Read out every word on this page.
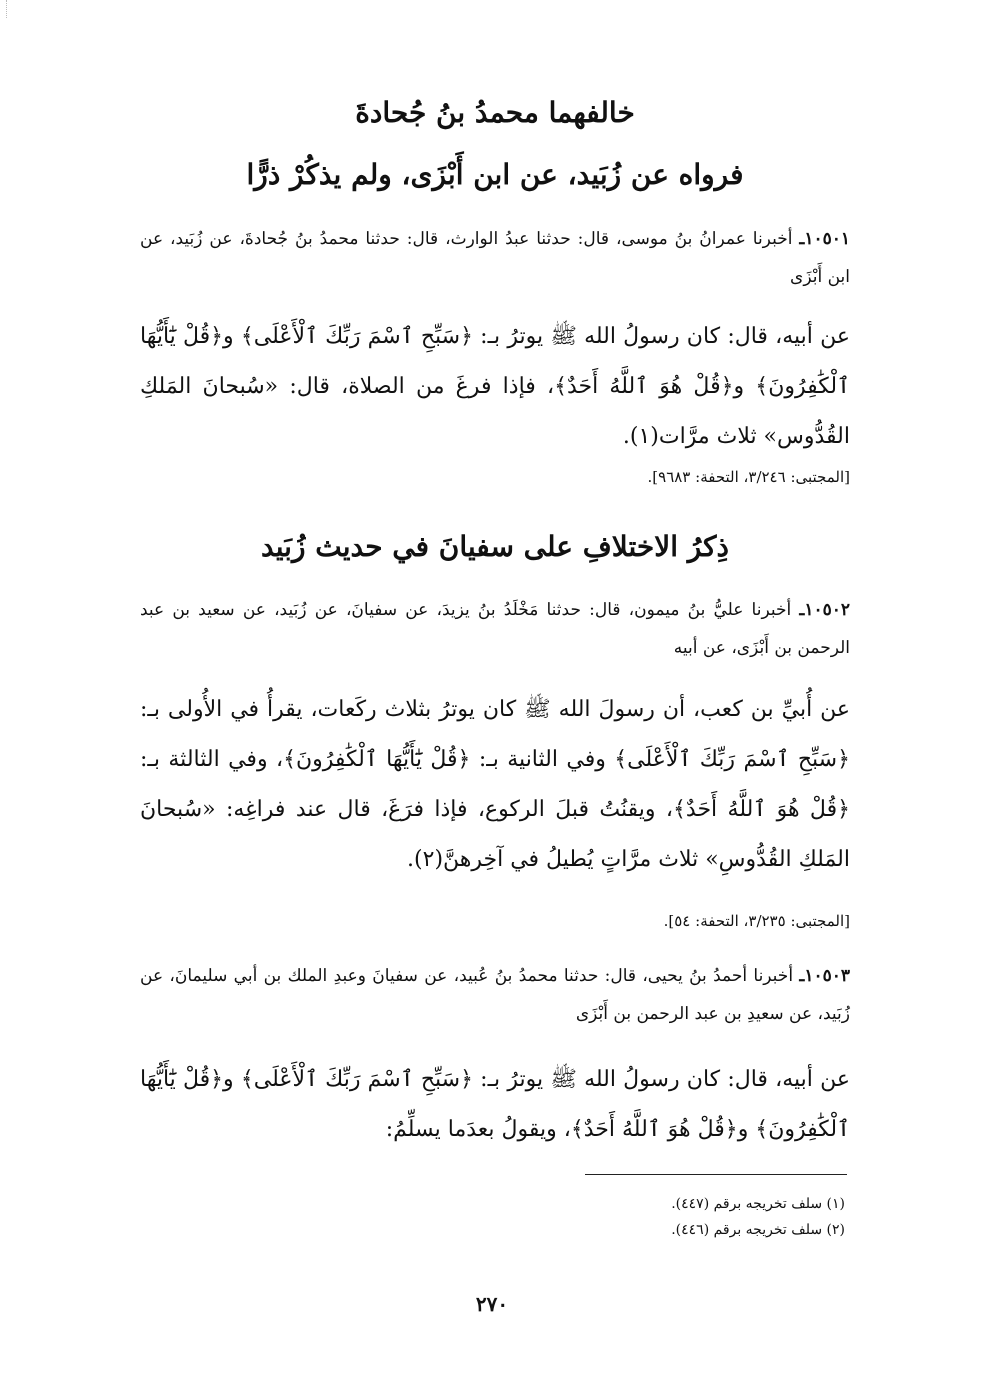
خالفهما محمدُ بنُ جُحادةَ
فرواه عن زُبَيد، عن ابن أَبْزَى، ولم يذكُرْ ذرًّا
١٠٥٠١ـ أخبرنا عمرانُ بنُ موسى، قال: حدثنا عبدُ الوارث، قال: حدثنا محمدُ بنُ جُحادةَ، عن زُبَيد، عن ابن أَبْزَى
عن أبيه، قال: كان رسولُ الله ﷺ يوترُ بـ: ﴿سَبِّحِ ٱسْمَ رَبِّكَ ٱلْأَعْلَى﴾ و﴿قُلْ يَٰٓأَيُّهَا ٱلْكَٰفِرُونَ﴾ و﴿قُلْ هُوَ ٱللَّهُ أَحَدٌ﴾، فإذا فرغَ من الصلاة، قال: «سُبحانَ المَلكِ القُدُّوس» ثلاث مرَّات(١).
[المجتبى: ٣/٢٤٦، التحفة: ٩٦٨٣].
ذِكرُ الاختلافِ على سفيانَ في حديث زُبَيد
١٠٥٠٢ـ أخبرنا عليُّ بنُ ميمون، قال: حدثنا مَخْلَدُ بنُ يزيدَ، عن سفيانَ، عن زُبَيد، عن سعيد بن عبد الرحمن بن أَبْزَى، عن أبيه
عن أُبيِّ بن كعب، أن رسولَ الله ﷺ كان يوترُ بثلاث ركَعات، يقرأُ في الأُولى بـ: ﴿سَبِّحِ ٱسْمَ رَبِّكَ ٱلْأَعْلَى﴾ وفي الثانية بـ: ﴿قُلْ يَٰٓأَيُّهَا ٱلْكَٰفِرُونَ﴾، وفي الثالثة بـ: ﴿قُلْ هُوَ ٱللَّهُ أَحَدٌ﴾، ويقنُتُ قبلَ الركوع، فإذا فرَغَ، قال عند فراغِه: «سُبحانَ المَلكِ القُدُّوسِ» ثلاث مرَّاتٍ يُطيلُ في آخِرهنَّ(٢).
[المجتبى: ٣/٢٣٥، التحفة: ٥٤].
١٠٥٠٣ـ أخبرنا أحمدُ بنُ يحيى، قال: حدثنا محمدُ بنُ عُبيد، عن سفيانَ وعبدِ الملك بن أبي سليمانَ، عن زُبَيد، عن سعيدِ بن عبد الرحمن بن أَبْزَى
عن أبيه، قال: كان رسولُ الله ﷺ يوترُ بـ: ﴿سَبِّحِ ٱسْمَ رَبِّكَ ٱلْأَعْلَى﴾ و﴿قُلْ يَٰٓأَيُّهَا ٱلْكَٰفِرُونَ﴾ و﴿قُلْ هُوَ ٱللَّهُ أَحَدٌ﴾، ويقولُ بعدَما يسلِّمُ:
(١) سلف تخريجه برقم (٤٤٧).
(٢) سلف تخريجه برقم (٤٤٦).
٢٧٠
